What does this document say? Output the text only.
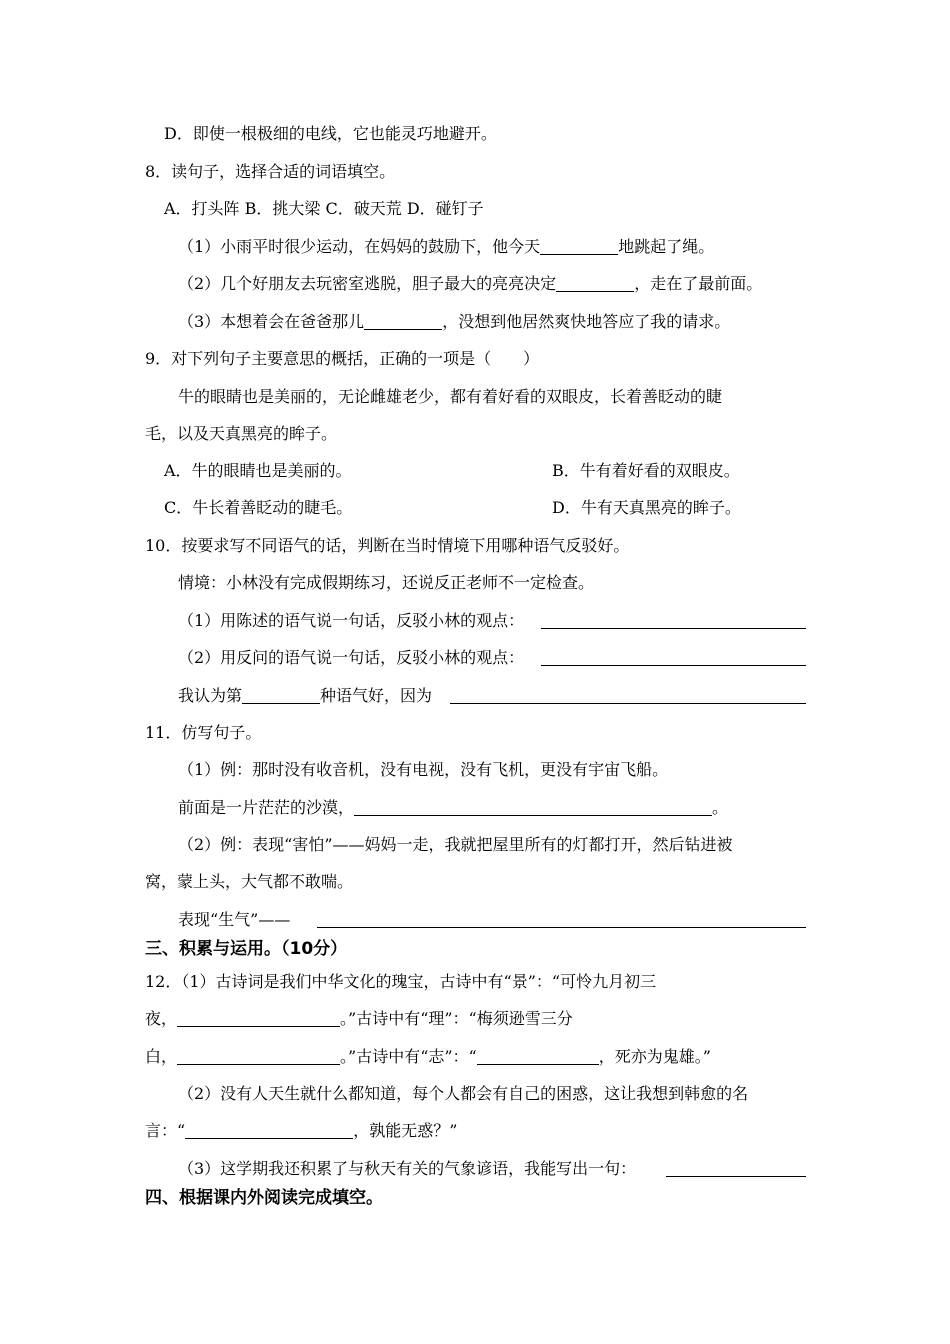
D．即使一根极细的电线，它也能灵巧地避开。
8．读句子，选择合适的词语填空。
A．打头阵 B．挑大梁 C．破天荒 D．碰钉子
（1）小雨平时很少运动，在妈妈的鼓励下，他今天	地跳起了绳。
（2）几个好朋友去玩密室逃脱，胆子最大的亮亮决定	，走在了最前面。
（3）本想着会在爸爸那儿	，没想到他居然爽快地答应了我的请求。
9．对下列句子主要意思的概括，正确的一项是（　　）
牛的眼睛也是美丽的，无论雌雄老少，都有着好看的双眼皮，长着善眨动的睫
毛，以及天真黑亮的眸子。
A．牛的眼睛也是美丽的。	B．牛有着好看的双眼皮。
C．牛长着善眨动的睫毛。	D．牛有天真黑亮的眸子。
10．按要求写不同语气的话，判断在当时情境下用哪种语气反驳好。
情境：小林没有完成假期练习，还说反正老师不一定检查。
（1）用陈述的语气说一句话，反驳小林的观点：
（2）用反问的语气说一句话，反驳小林的观点：
我认为第	种语气好，因为
11．仿写句子。
（1）例：那时没有收音机，没有电视，没有飞机，更没有宇宙飞船。
前面是一片茫茫的沙漠，	。
（2）例：表现“害怕”——妈妈一走，我就把屋里所有的灯都打开，然后钻进被
窝，蒙上头，大气都不敢喘。
表现“生气”——
三、积累与运用。（10分）
12．（1）古诗词是我们中华文化的瑰宝，古诗中有“景”：“可怜九月初三
夜，	。”古诗中有“理”：“梅须逊雪三分
白，	。”古诗中有“志”：“	，死亦为鬼雄。”
（2）没有人天生就什么都知道，每个人都会有自己的困惑，这让我想到韩愈的名
言：“	，孰能无惑？”
（3）这学期我还积累了与秋天有关的气象谚语，我能写出一句：
四、根据课内外阅读完成填空。
